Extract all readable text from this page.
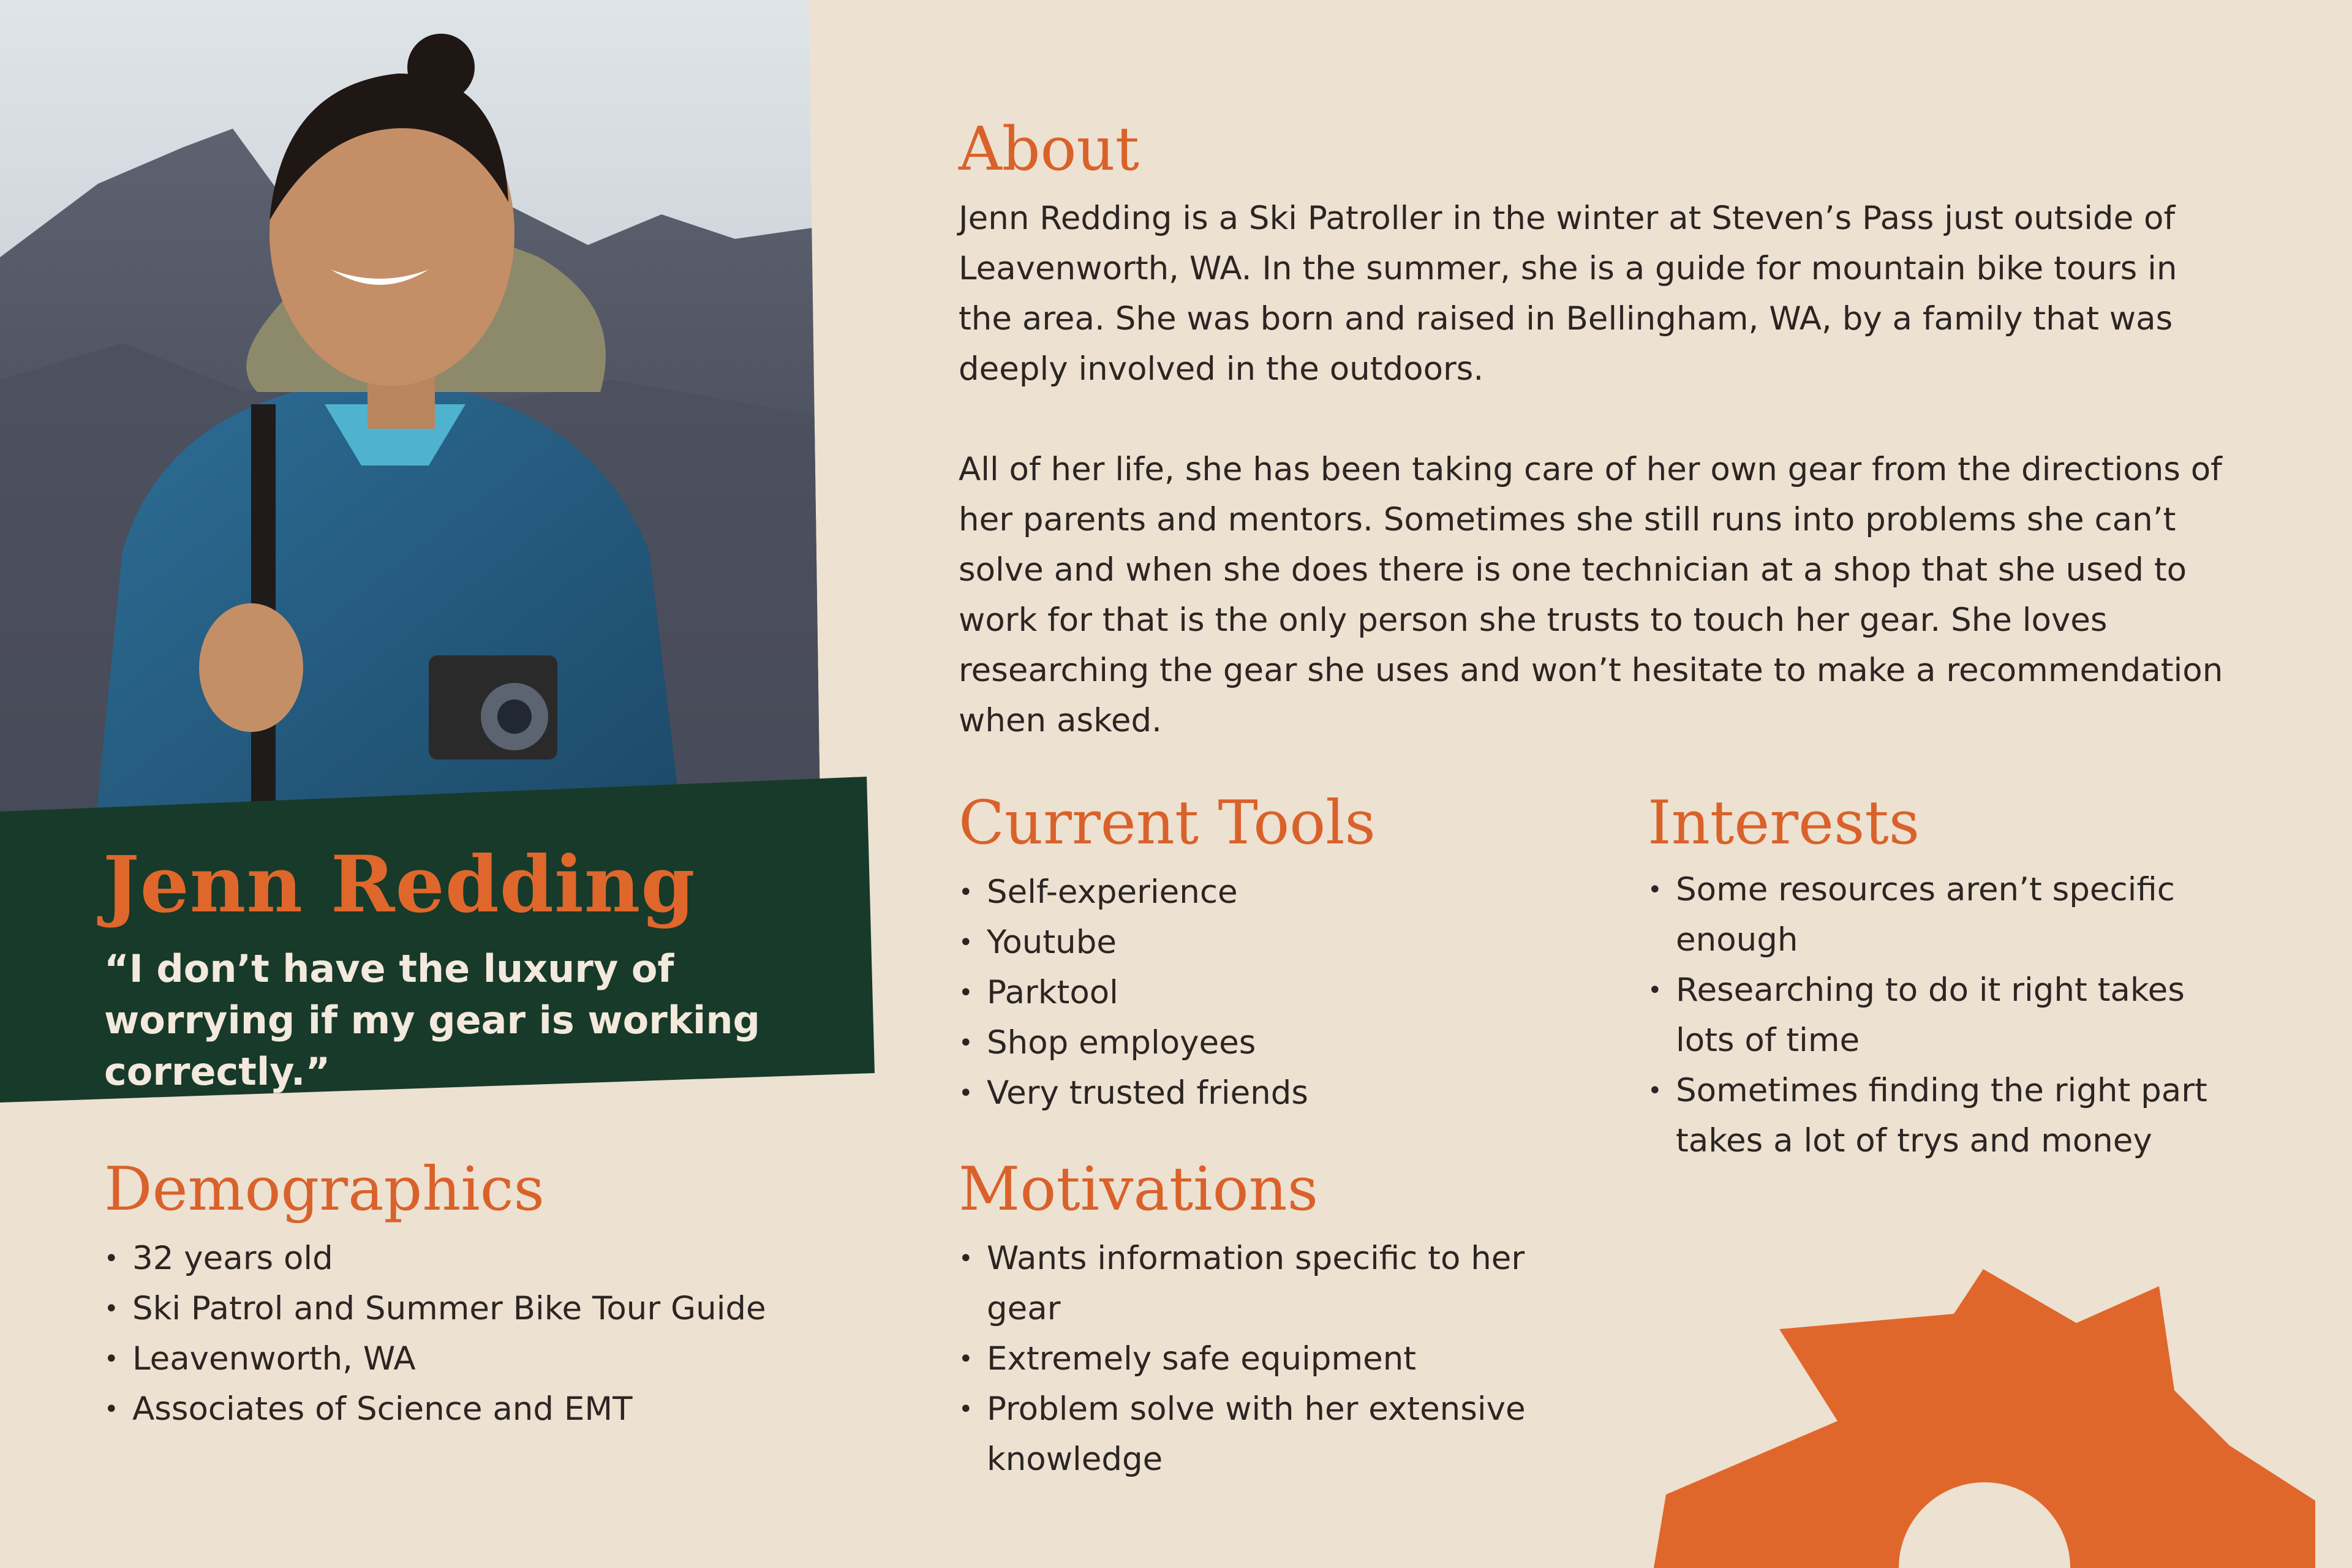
Jenn Redding
“I don’t have the luxury of worrying if my gear is working correctly.”
About

Jenn Redding is a Ski Patroller in the winter at Steven’s Pass just outside of Leavenworth, WA. In the summer, she is a guide for mountain bike tours in the area. She was born and raised in Bellingham, WA, by a family that was deeply involved in the outdoors.

All of her life, she has been taking care of her own gear from the directions of her parents and mentors. Sometimes she still runs into problems she can’t solve and when she does there is one technician at a shop that she used to work for that is the only person she trusts to touch her gear. She loves researching the gear she uses and won’t hesitate to make a recommendation when asked.

Current Tools
• Self-experience
• Youtube
• Parktool
• Shop employees
• Very trusted friends
Interests
• Some resources aren’t specific enough
• Researching to do it right takes lots of time
• Sometimes finding the right part takes a lot of trys and money
Motivations
• Wants information specific to her gear
• Extremely safe equipment
• Problem solve with her extensive knowledge
Demographics
• 32 years old
• Ski Patrol and Summer Bike Tour Guide
• Leavenworth, WA
• Associates of Science and EMT
